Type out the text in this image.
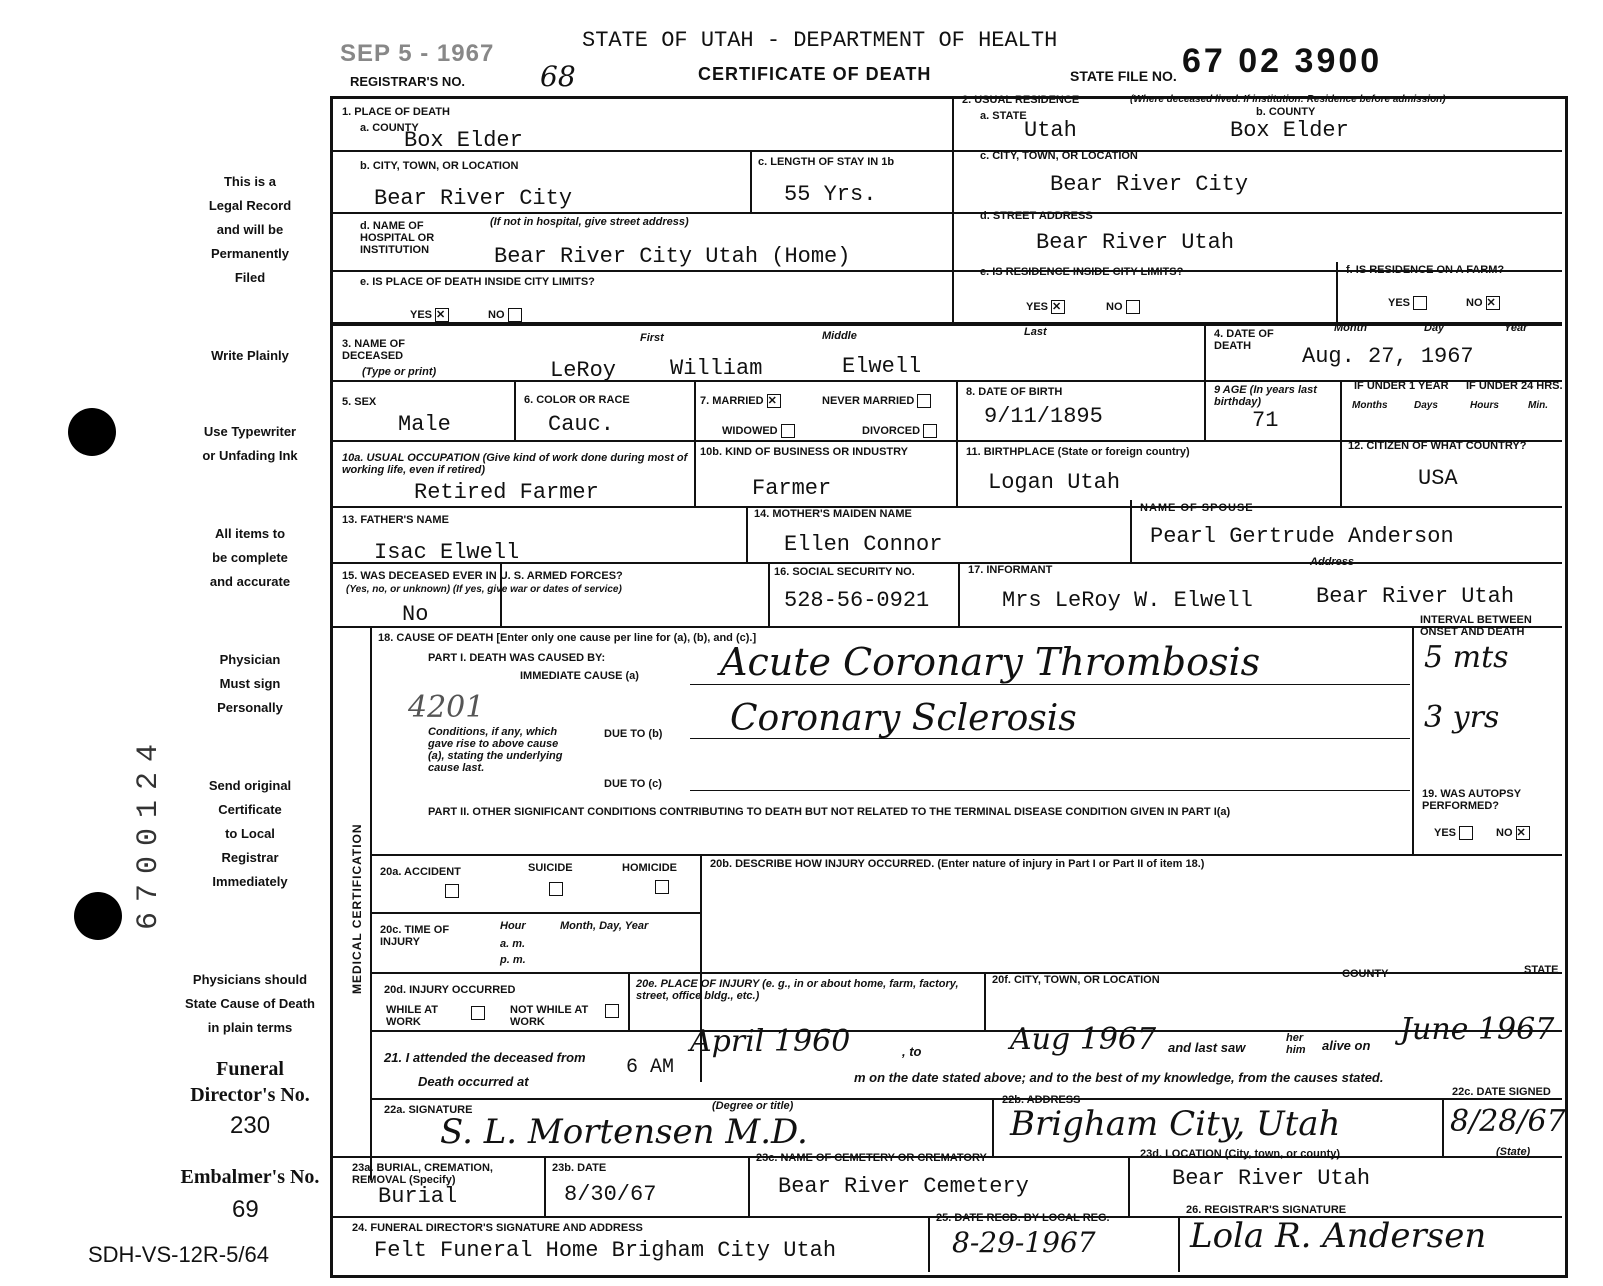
SEP 5 - 1967	STATE OF UTAH - DEPARTMENT OF HEALTH
REGISTRAR'S NO.	68	CERTIFICATE OF DEATH	STATE FILE NO. 67 02 3900
This is a
Legal Record
and will be
Permanently
Filed
Write Plainly
Use Typewriter
or Unfading Ink
All items to
be complete
and accurate
Physician
Must sign
Personally
Send original
Certificate
to Local
Registrar
Immediately
Physicians should
State Cause of Death
in plain terms
Funeral
Director's No.
230
Embalmer's No.
69
SDH-VS-12R-5/64
6700124	MEDICAL CERTIFICATION
1. PLACE OF DEATH
a. COUNTY
Box Elder
2. USUAL RESIDENCE	(Where deceased lived. If institution: Residence before admission)
a. STATE
Utah
b. COUNTY
Box Elder
b. CITY, TOWN, OR LOCATION
Bear River City
c. LENGTH OF STAY IN 1b
55 Yrs.
c. CITY, TOWN, OR LOCATION
Bear River City
d. NAME OF HOSPITAL OR INSTITUTION
(If not in hospital, give street address)
Bear River City Utah (Home)
d. STREET ADDRESS
Bear River Utah
e. IS PLACE OF DEATH INSIDE CITY LIMITS?
YES ✕	NO
e. IS RESIDENCE INSIDE CITY LIMITS?
YES ✕	NO
f. IS RESIDENCE ON A FARM?
YES	NO ✕
3. NAME OF DECEASED
(Type or print)
First	Middle	Last
LeRoy William	Elwell
4. DATE OF DEATH
Month	Day	Year
Aug. 27, 1967
5. SEX
Male
6. COLOR OR RACE
Cauc.
7. MARRIED ✕	NEVER MARRIED
WIDOWED	DIVORCED
8. DATE OF BIRTH
9/11/1895
9 AGE (In years last birthday)
71
IF UNDER 1 YEAR IF UNDER 24 HRS.
Months	Days	Hours	Min.
10a. USUAL OCCUPATION (Give kind of work done during most of working life, even if retired)
Retired Farmer
10b. KIND OF BUSINESS OR INDUSTRY
Farmer
11. BIRTHPLACE (State or foreign country)
Logan Utah
12. CITIZEN OF WHAT COUNTRY?
USA
13. FATHER'S NAME
Isac Elwell
14. MOTHER'S MAIDEN NAME
Ellen Connor
NAME OF SPOUSE
Pearl Gertrude Anderson
15. WAS DECEASED EVER IN U. S. ARMED FORCES?
(Yes, no, or unknown) (If yes, give war or dates of service)
No
16. SOCIAL SECURITY NO.
528-56-0921
17. INFORMANT
Address
Mrs LeRoy W. Elwell	Bear River Utah
18. CAUSE OF DEATH [Enter only one cause per line for (a), (b), and (c).]
PART I. DEATH WAS CAUSED BY:
IMMEDIATE CAUSE (a) Acute Coronary Thrombosis
INTERVAL BETWEEN ONSET AND DEATH
5 mts
4201
Conditions, if any, which gave rise to above cause (a), stating the underlying cause last.
DUE TO (b) Coronary Sclerosis	3 yrs
DUE TO (c)
PART II. OTHER SIGNIFICANT CONDITIONS CONTRIBUTING TO DEATH BUT NOT RELATED TO THE TERMINAL DISEASE CONDITION GIVEN IN PART I(a)
19. WAS AUTOPSY PERFORMED?
YES	NO ✕
20a. ACCIDENT	SUICIDE	HOMICIDE	20b. DESCRIBE HOW INJURY OCCURRED. (Enter nature of injury in Part I or Part II of item 18.)
20c. TIME OF INJURY
Hour
a. m.
p. m.
Month, Day, Year
20d. INJURY OCCURRED
WHILE AT WORK
NOT WHILE AT WORK
20e. PLACE OF INJURY (e. g., in or about home, farm, factory, street, office bldg., etc.)
20f. CITY, TOWN, OR LOCATION	COUNTY	STATE
21. I attended the deceased from	April 1960	, to	Aug 1967 and last saw
her him alive on June 1967
Death occurred at
6 AM	m on the date stated above; and to the best of my knowledge, from the causes stated.
22a. SIGNATURE	(Degree or title)
S. L. Mortensen M.D.
22b. ADDRESS
Brigham City, Utah
22c. DATE SIGNED
8/28/67
23a. BURIAL, CREMATION, REMOVAL (Specify)
Burial
23b. DATE
8/30/67
23c. NAME OF CEMETERY OR CREMATORY
Bear River Cemetery
23d. LOCATION (City, town, or county)	(State)
Bear River Utah
24. FUNERAL DIRECTOR'S SIGNATURE AND ADDRESS
Felt Funeral Home Brigham City Utah
25. DATE RECD. BY LOCAL REG.
8-29-1967
26. REGISTRAR'S SIGNATURE
Lola R. Andersen
